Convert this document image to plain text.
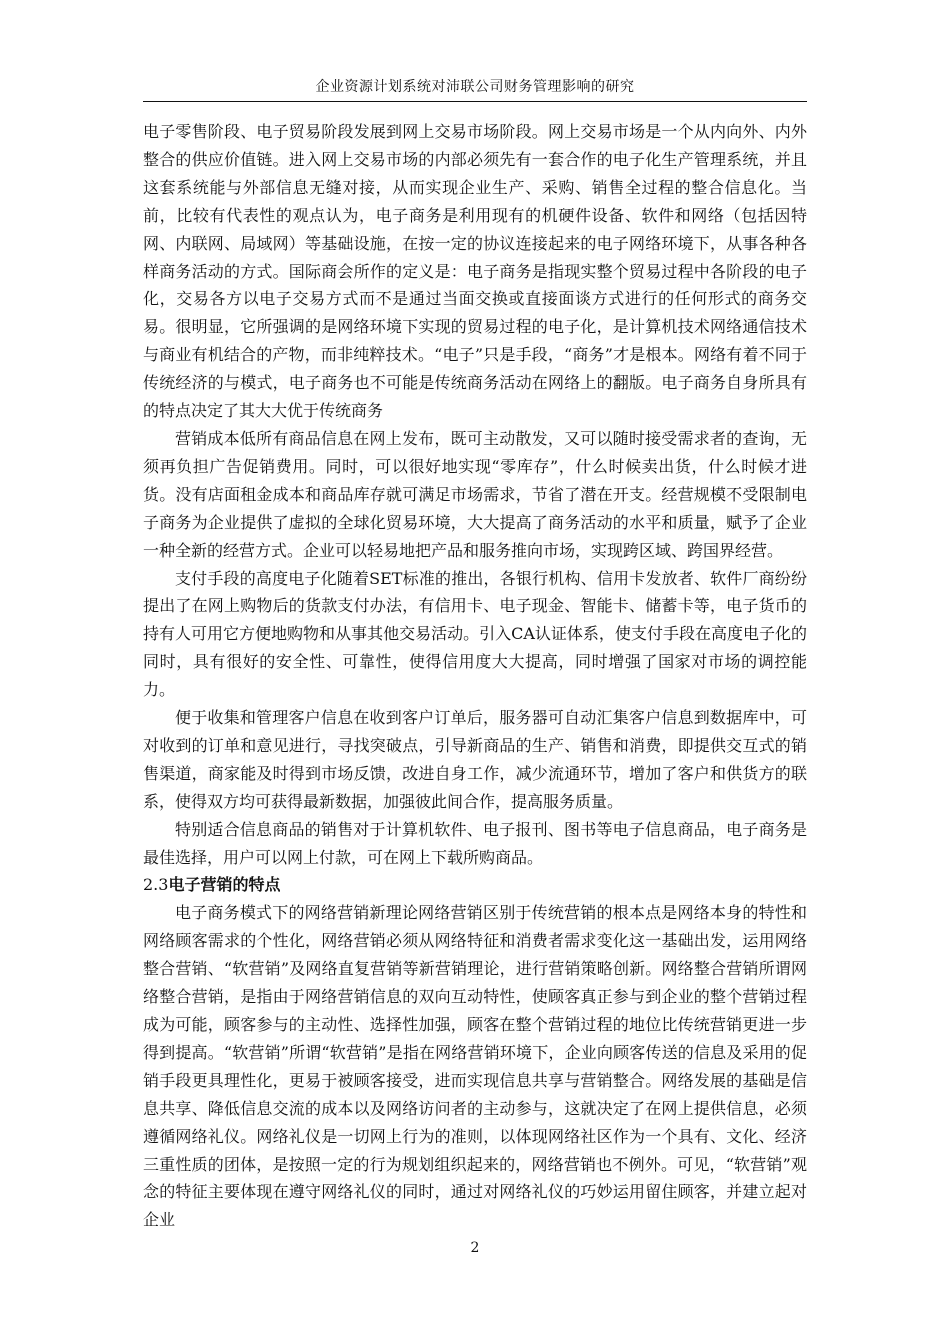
企业资源计划系统对沛联公司财务管理影响的研究

电子零售阶段、电子贸易阶段发展到网上交易市场阶段。网上交易市场是一个从内向外、内外整合的供应价值链。进入网上交易市场的内部必须先有一套合作的电子化生产管理系统，并且这套系统能与外部信息无缝对接，从而实现企业生产、采购、销售全过程的整合信息化。当前，比较有代表性的观点认为，电子商务是利用现有的机硬件设备、软件和网络（包括因特网、内联网、局域网）等基础设施，在按一定的协议连接起来的电子网络环境下，从事各种各样商务活动的方式。国际商会所作的定义是：电子商务是指现实整个贸易过程中各阶段的电子化，交易各方以电子交易方式而不是通过当面交换或直接面谈方式进行的任何形式的商务交易。很明显，它所强调的是网络环境下实现的贸易过程的电子化，是计算机技术网络通信技术与商业有机结合的产物，而非纯粹技术。“电子”只是手段，“商务”才是根本。网络有着不同于传统经济的与模式，电子商务也不可能是传统商务活动在网络上的翻版。电子商务自身所具有的特点决定了其大大优于传统商务

营销成本低所有商品信息在网上发布，既可主动散发，又可以随时接受需求者的查询，无须再负担广告促销费用。同时，可以很好地实现“零库存”，什么时候卖出货，什么时候才进货。没有店面租金成本和商品库存就可满足市场需求，节省了潜在开支。经营规模不受限制电子商务为企业提供了虚拟的全球化贸易环境，大大提高了商务活动的水平和质量，赋予了企业一种全新的经营方式。企业可以轻易地把产品和服务推向市场，实现跨区域、跨国界经营。

支付手段的高度电子化随着SET标准的推出，各银行机构、信用卡发放者、软件厂商纷纷提出了在网上购物后的货款支付办法，有信用卡、电子现金、智能卡、储蓄卡等，电子货币的持有人可用它方便地购物和从事其他交易活动。引入CA认证体系，使支付手段在高度电子化的同时，具有很好的安全性、可靠性，使得信用度大大提高，同时增强了国家对市场的调控能力。

便于收集和管理客户信息在收到客户订单后，服务器可自动汇集客户信息到数据库中，可对收到的订单和意见进行，寻找突破点，引导新商品的生产、销售和消费，即提供交互式的销售渠道，商家能及时得到市场反馈，改进自身工作，减少流通环节，增加了客户和供货方的联系，使得双方均可获得最新数据，加强彼此间合作，提高服务质量。

特别适合信息商品的销售对于计算机软件、电子报刊、图书等电子信息商品，电子商务是最佳选择，用户可以网上付款，可在网上下载所购商品。

2.3电子营销的特点

电子商务模式下的网络营销新理论网络营销区别于传统营销的根本点是网络本身的特性和网络顾客需求的个性化，网络营销必须从网络特征和消费者需求变化这一基础出发，运用网络整合营销、“软营销”及网络直复营销等新营销理论，进行营销策略创新。网络整合营销所谓网络整合营销，是指由于网络营销信息的双向互动特性，使顾客真正参与到企业的整个营销过程成为可能，顾客参与的主动性、选择性加强，顾客在整个营销过程的地位比传统营销更进一步得到提高。“软营销”所谓“软营销”是指在网络营销环境下，企业向顾客传送的信息及采用的促销手段更具理性化，更易于被顾客接受，进而实现信息共享与营销整合。网络发展的基础是信息共享、降低信息交流的成本以及网络访问者的主动参与，这就决定了在网上提供信息，必须遵循网络礼仪。网络礼仪是一切网上行为的准则，以体现网络社区作为一个具有、文化、经济三重性质的团体，是按照一定的行为规划组织起来的，网络营销也不例外。可见，“软营销”观念的特征主要体现在遵守网络礼仪的同时，通过对网络礼仪的巧妙运用留住顾客，并建立起对企业

2
